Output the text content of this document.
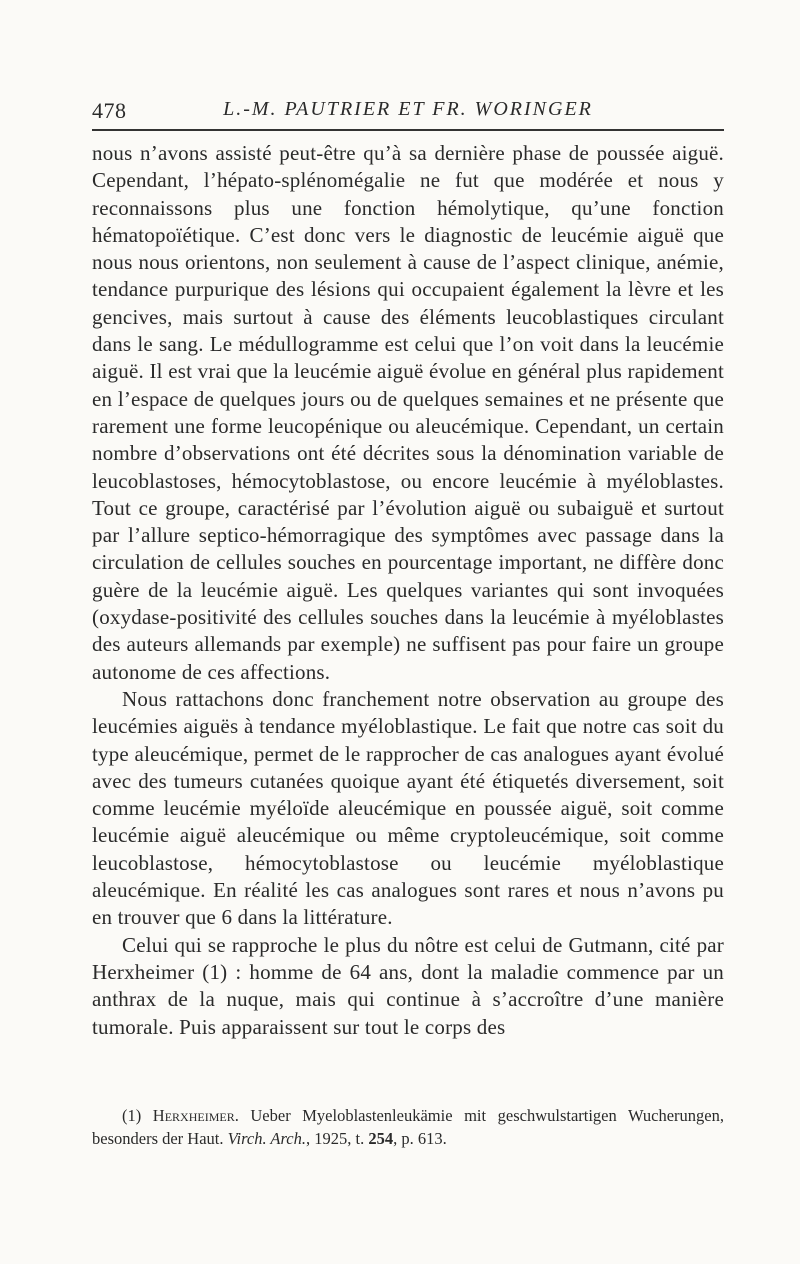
478	L.-M. PAUTRIER ET FR. WORINGER

nous n’avons assisté peut-être qu’à sa dernière phase de poussée aiguë. Cependant, l’hépato-splénomégalie ne fut que modérée et nous y reconnaissons plus une fonction hémolytique, qu’une fonction hématopoïétique. C’est donc vers le diagnostic de leucémie aiguë que nous nous orientons, non seulement à cause de l’aspect clinique, anémie, tendance purpurique des lésions qui occupaient également la lèvre et les gencives, mais surtout à cause des éléments leucoblastiques circulant dans le sang. Le médullogramme est celui que l’on voit dans la leucémie aiguë. Il est vrai que la leucémie aiguë évolue en général plus rapidement en l’espace de quelques jours ou de quelques semaines et ne présente que rarement une forme leucopénique ou aleucémique. Cependant, un certain nombre d’observations ont été décrites sous la dénomination variable de leucoblastoses, hémocytoblastose, ou encore leucémie à myéloblastes. Tout ce groupe, caractérisé par l’évolution aiguë ou subaiguë et surtout par l’allure septico-hémorragique des symptômes avec passage dans la circulation de cellules souches en pourcentage important, ne diffère donc guère de la leucémie aiguë. Les quelques variantes qui sont invoquées (oxydase-positivité des cellules souches dans la leucémie à myéloblastes des auteurs allemands par exemple) ne suffisent pas pour faire un groupe autonome de ces affections.

Nous rattachons donc franchement notre observation au groupe des leucémies aiguës à tendance myéloblastique. Le fait que notre cas soit du type aleucémique, permet de le rapprocher de cas analogues ayant évolué avec des tumeurs cutanées quoique ayant été étiquetés diversement, soit comme leucémie myéloïde aleucémique en poussée aiguë, soit comme leucémie aiguë aleucémique ou même cryptoleucémique, soit comme leucoblastose, hémocytoblastose ou leucémie myéloblastique aleucémique. En réalité les cas analogues sont rares et nous n’avons pu en trouver que 6 dans la littérature.

Celui qui se rapproche le plus du nôtre est celui de Gutmann, cité par Herxheimer (1) : homme de 64 ans, dont la maladie commence par un anthrax de la nuque, mais qui continue à s’accroître d’une manière tumorale. Puis apparaissent sur tout le corps des

(1) Herxheimer. Ueber Myeloblastenleukämie mit geschwulstartigen Wucherungen, besonders der Haut. Virch. Arch., 1925, t. 254, p. 613.
